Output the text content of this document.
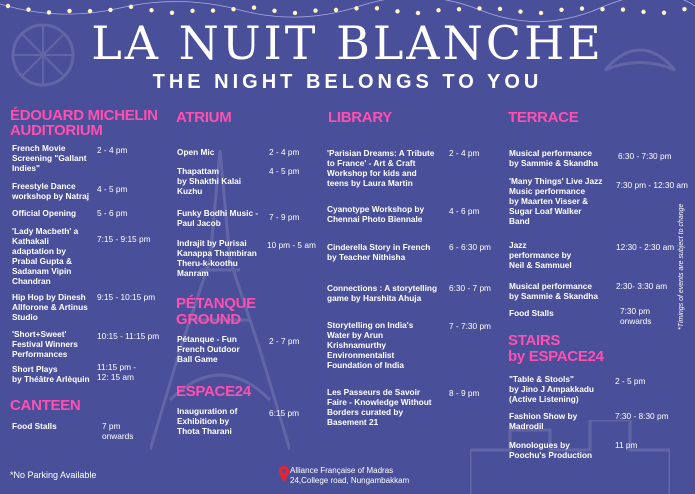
LA NUIT BLANCHE
THE NIGHT BELONGS TO YOU
ÉDOUARD MICHELIN
AUDITORIUM
French Movie
Screening "Gallant
Indies"
2 - 4 pm
Freestyle Dance
workshop by Natraj
4 - 5 pm
Official Opening	5 - 6 pm
'Lady Macbeth' a
Kathakali
adaptation by
Prabal Gupta &
Sadanam Vipin
Chandran
7:15 - 9:15 pm
Hip Hop by Dinesh
Allforone & Artinus
Studio
9:15 - 10:15 pm
'Short+Sweet'
Festival Winners
Performances
10:15 - 11:15 pm
Short Plays
by Théâtre Arlèquin
11:15 pm -
12: 15 am
CANTEEN
Food Stalls	7 pm
onwards
ATRIUM
Open Mic	2 - 4 pm
Thapattam
by Shakthi Kalai
Kuzhu
4 - 5 pm
Funky Bodhi Music -
Paul Jacob
7 - 9 pm
Indrajit by Purisai
Kanappa Thambiran
Theru-k-koothu
Manram
10 pm - 5 am
PÉTANQUE
GROUND
Pétanque - Fun
French Outdoor
Ball Game
2 - 7 pm
ESPACE24
Inauguration of
Exhibition by
Thota Tharani
6:15 pm
LIBRARY
'Parisian Dreams: A Tribute
to France' - Art & Craft
Workshop for kids and
teens by Laura Martin
2 - 4 pm
Cyanotype Workshop by
Chennai Photo Biennale
4 - 6 pm
Cinderella Story in French
by Teacher Nithisha
6 - 6:30 pm
Connections : A storytelling
game by Harshita Ahuja
6:30 - 7 pm
Storytelling on India's
Water by Arun
Krishnamurthy
Environmentalist
Foundation of India
7 - 7:30 pm
Les Passeurs de Savoir
Faire - Knowledge Without
Borders curated by
Basement 21
8 - 9 pm
TERRACE
Musical performance
by Sammie & Skandha
6:30 - 7:30 pm
'Many Things' Live Jazz
Music performance
by Maarten Visser &
Sugar Loaf Walker
Band
7:30 pm - 12:30 am
Jazz
performance by
Neil & Sammuel
12:30 - 2:30 am
Musical performance
by Sammie & Skandha
2:30- 3:30 am
Food Stalls	7:30 pm
onwards
STAIRS
by ESPACE24
"Table & Stools"
by Jino J Ampakkadu
(Active Listening)
2 - 5 pm
Fashion Show by
Madrodil
7:30 - 8:30 pm
Monologues by
Poochu's Production
11 pm
*No Parking Available	Alliance Française of Madras
24,College road, Nungambakkam
*Timings of events are subject to change
